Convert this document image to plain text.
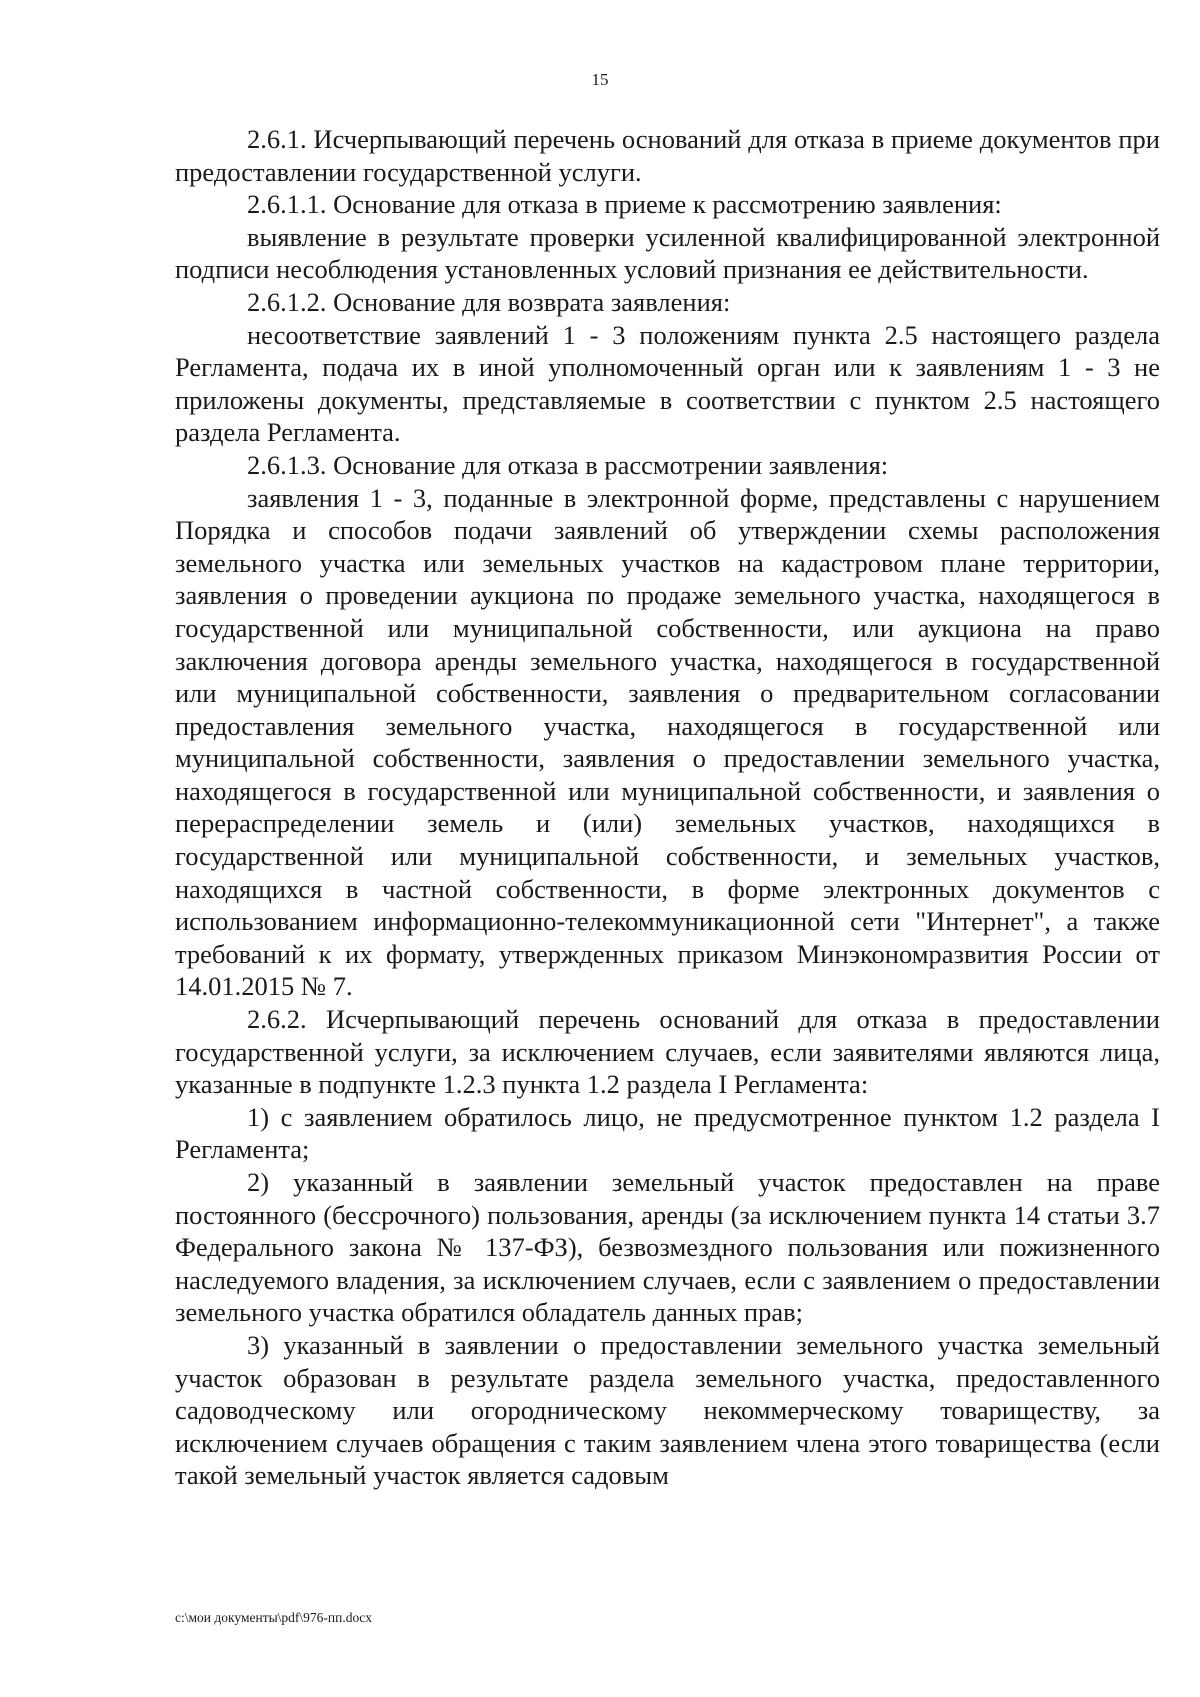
15

2.6.1. Исчерпывающий перечень оснований для отказа в приеме документов при предоставлении государственной услуги.

2.6.1.1. Основание для отказа в приеме к рассмотрению заявления:

выявление в результате проверки усиленной квалифицированной электронной подписи несоблюдения установленных условий признания ее действительности.

2.6.1.2. Основание для возврата заявления:

несоответствие заявлений 1 - 3 положениям пункта 2.5 настоящего раздела Регламента, подача их в иной уполномоченный орган или к заявлениям 1 - 3 не приложены документы, представляемые в соответствии с пунктом 2.5 настоящего раздела Регламента.

2.6.1.3. Основание для отказа в рассмотрении заявления:

заявления 1 - 3, поданные в электронной форме, представлены с нарушением Порядка и способов подачи заявлений об утверждении схемы расположения земельного участка или земельных участков на кадастровом плане территории, заявления о проведении аукциона по продаже земельного участка, находящегося в государственной или муниципальной собственности, или аукциона на право заключения договора аренды земельного участка, находящегося в государственной или муниципальной собственности, заявления о предварительном согласовании предоставления земельного участка, находящегося в государственной или муниципальной собственности, заявления о предоставлении земельного участка, находящегося в государственной или муниципальной собственности, и заявления о перераспределении земель и (или) земельных участков, находящихся в государственной или муниципальной собственности, и земельных участков, находящихся в частной собственности, в форме электронных документов с использованием информационно-телекоммуникационной сети "Интернет", а также требований к их формату, утвержденных приказом Минэкономразвития России от 14.01.2015 № 7.

2.6.2. Исчерпывающий перечень оснований для отказа в предоставлении государственной услуги, за исключением случаев, если заявителями являются лица, указанные в подпункте 1.2.3 пункта 1.2 раздела I Регламента:

1) с заявлением обратилось лицо, не предусмотренное пунктом 1.2 раздела I Регламента;

2) указанный в заявлении земельный участок предоставлен на праве постоянного (бессрочного) пользования, аренды (за исключением пункта 14 статьи 3.7 Федерального закона № 137-ФЗ), безвозмездного пользования или пожизненного наследуемого владения, за исключением случаев, если с заявлением о предоставлении земельного участка обратился обладатель данных прав;

3) указанный в заявлении о предоставлении земельного участка земельный участок образован в результате раздела земельного участка, предоставленного садоводческому или огородническому некоммерческому товариществу, за исключением случаев обращения с таким заявлением члена этого товарищества (если такой земельный участок является садовым

c:\мои документы\pdf\976-пп.docx
